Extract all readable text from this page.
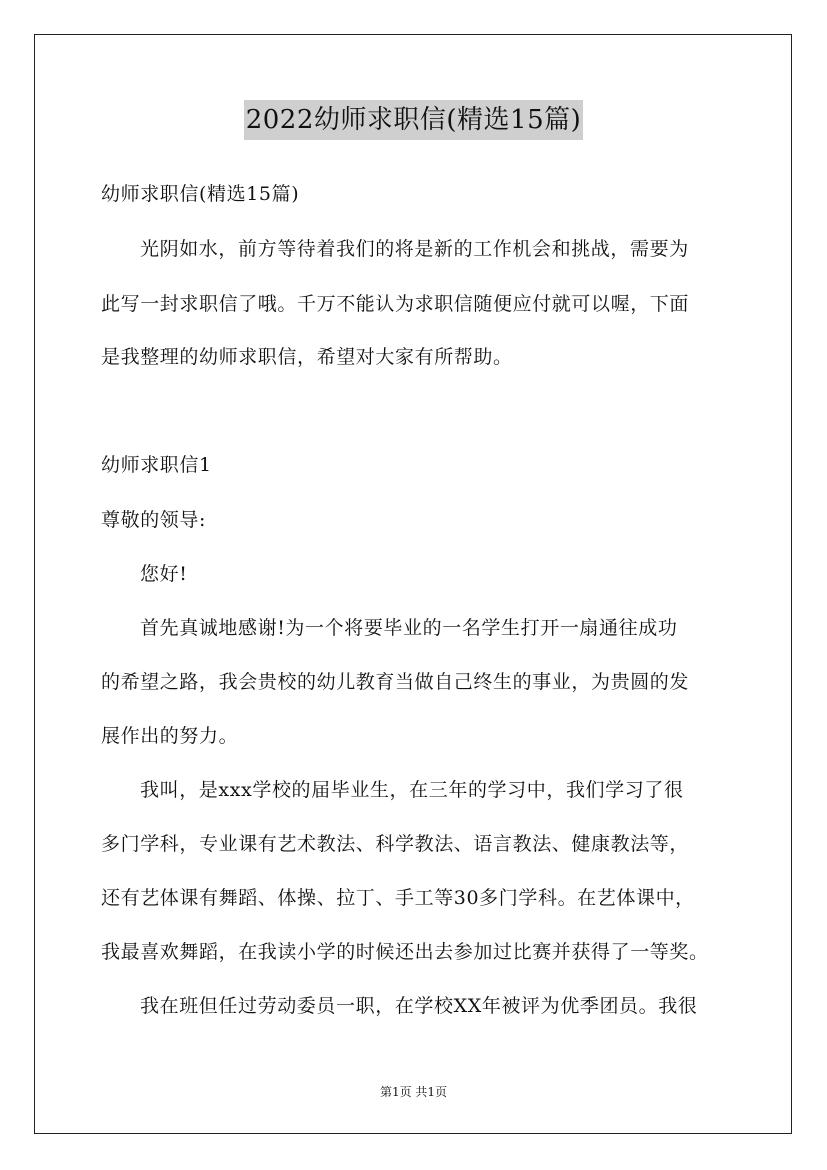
2022幼师求职信(精选15篇)
幼师求职信(精选15篇)
光阴如水，前方等待着我们的将是新的工作机会和挑战，需要为
此写一封求职信了哦。千万不能认为求职信随便应付就可以喔，下面
是我整理的幼师求职信，希望对大家有所帮助。
幼师求职信1
尊敬的领导:
您好!
首先真诚地感谢!为一个将要毕业的一名学生打开一扇通往成功
的希望之路，我会贵校的幼儿教育当做自己终生的事业，为贵圆的发
展作出的努力。
我叫，是xxx学校的届毕业生，在三年的学习中，我们学习了很
多门学科，专业课有艺术教法、科学教法、语言教法、健康教法等，
还有艺体课有舞蹈、体操、拉丁、手工等30多门学科。在艺体课中，
我最喜欢舞蹈，在我读小学的时候还出去参加过比赛并获得了一等奖。
我在班但任过劳动委员一职，在学校XX年被评为优季团员。我很
第1页 共1页
